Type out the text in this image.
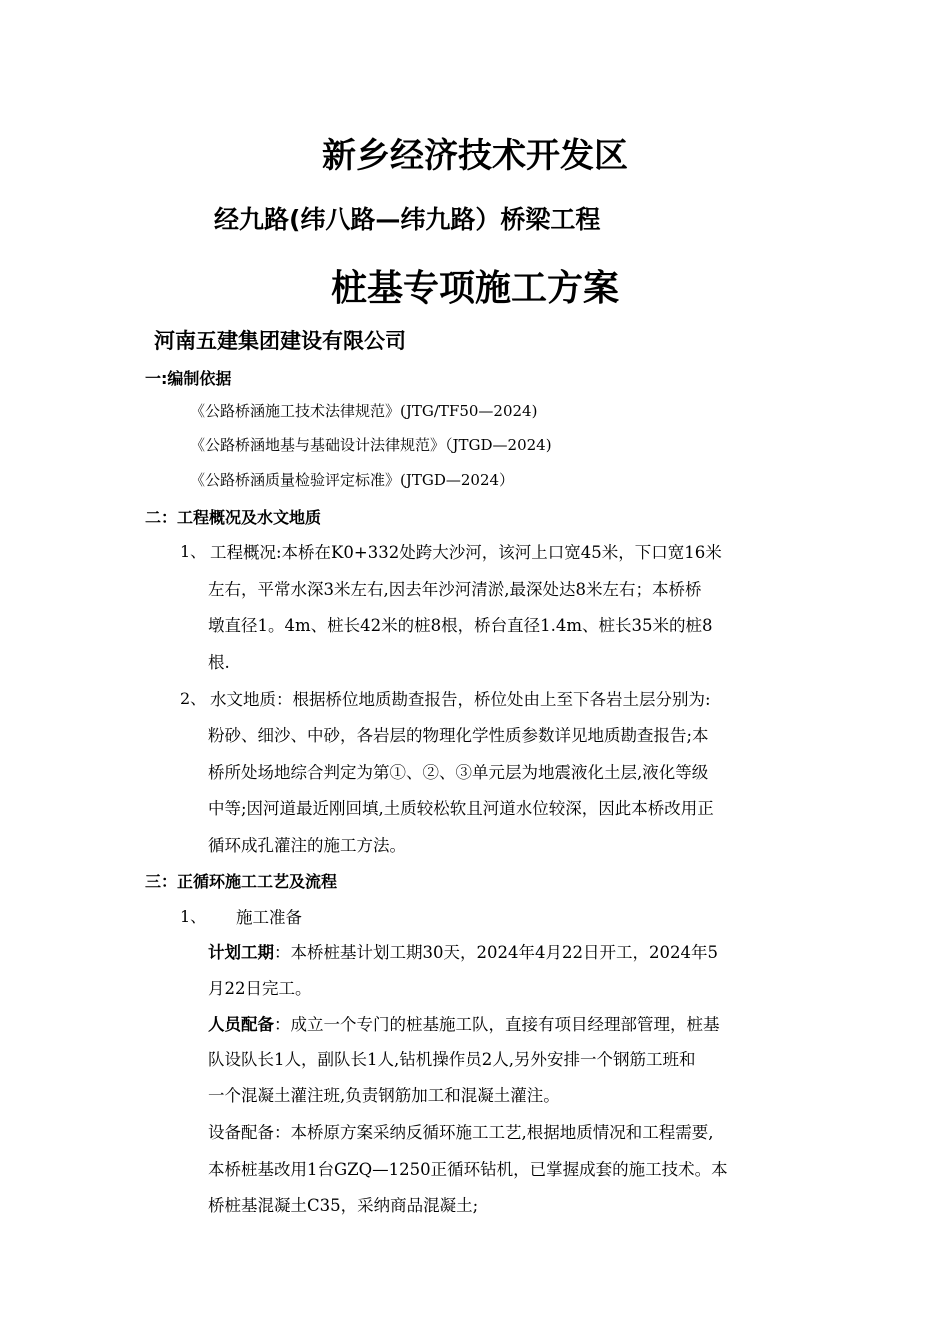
新乡经济技术开发区
经九路(纬八路—纬九路）桥梁工程
桩基专项施工方案
河南五建集团建设有限公司
一:编制依据
《公路桥涵施工技术法律规范》(JTG/TF50—2024)
《公路桥涵地基与基础设计法律规范》（JTGD—2024)
《公路桥涵质量检验评定标准》(JTGD—2024）
二：工程概况及水文地质
1、 工程概况:本桥在K0+332处跨大沙河，该河上口宽45米，下口宽16米
左右，平常水深3米左右,因去年沙河清淤,最深处达8米左右；本桥桥
墩直径1。4m、桩长42米的桩8根，桥台直径1.4m、桩长35米的桩8
根.
2、 水文地质：根据桥位地质勘查报告，桥位处由上至下各岩土层分别为:
粉砂、细沙、中砂，各岩层的物理化学性质参数详见地质勘查报告;本
桥所处场地综合判定为第①、②、③单元层为地震液化土层,液化等级
中等;因河道最近刚回填,土质较松软且河道水位较深，因此本桥改用正
循环成孔灌注的施工方法。
三：正循环施工工艺及流程
1、 施工准备
计划工期：本桥桩基计划工期30天，2024年4月22日开工，2024年5
月22日完工。
人员配备：成立一个专门的桩基施工队，直接有项目经理部管理，桩基
队设队长1人，副队长1人,钻机操作员2人,另外安排一个钢筋工班和
一个混凝土灌注班,负责钢筋加工和混凝土灌注。
设备配备：本桥原方案采纳反循环施工工艺,根据地质情况和工程需要,
本桥桩基改用1台GZQ—1250正循环钻机，已掌握成套的施工技术。本
桥桩基混凝土C35，采纳商品混凝土;
